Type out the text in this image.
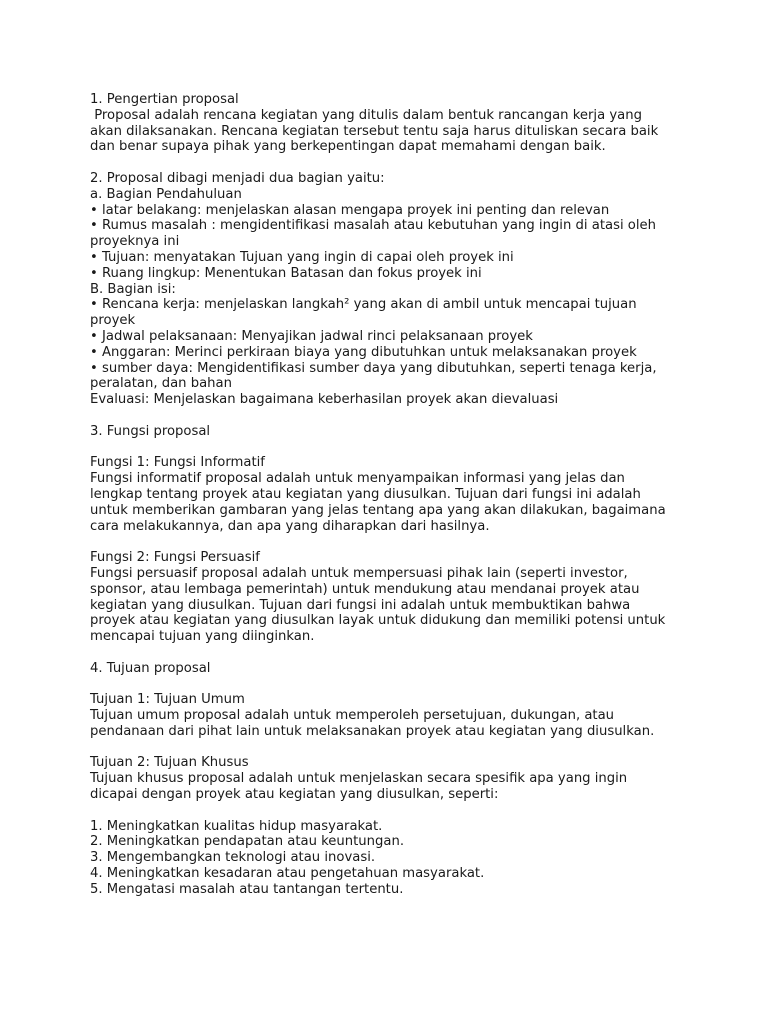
1. Pengertian proposal
Proposal adalah rencana kegiatan yang ditulis dalam bentuk rancangan kerja yang
akan dilaksanakan. Rencana kegiatan tersebut tentu saja harus dituliskan secara baik
dan benar supaya pihak yang berkepentingan dapat memahami dengan baik.
2. Proposal dibagi menjadi dua bagian yaitu:
a. Bagian Pendahuluan
• latar belakang: menjelaskan alasan mengapa proyek ini penting dan relevan
• Rumus masalah : mengidentifikasi masalah atau kebutuhan yang ingin di atasi oleh
proyeknya ini
• Tujuan: menyatakan Tujuan yang ingin di capai oleh proyek ini
• Ruang lingkup: Menentukan Batasan dan fokus proyek ini
B. Bagian isi:
• Rencana kerja: menjelaskan langkah² yang akan di ambil untuk mencapai tujuan
proyek
• Jadwal pelaksanaan: Menyajikan jadwal rinci pelaksanaan proyek
• Anggaran: Merinci perkiraan biaya yang dibutuhkan untuk melaksanakan proyek
• sumber daya: Mengidentifikasi sumber daya yang dibutuhkan, seperti tenaga kerja,
peralatan, dan bahan
Evaluasi: Menjelaskan bagaimana keberhasilan proyek akan dievaluasi
3. Fungsi proposal
Fungsi 1: Fungsi Informatif
Fungsi informatif proposal adalah untuk menyampaikan informasi yang jelas dan
lengkap tentang proyek atau kegiatan yang diusulkan. Tujuan dari fungsi ini adalah
untuk memberikan gambaran yang jelas tentang apa yang akan dilakukan, bagaimana
cara melakukannya, dan apa yang diharapkan dari hasilnya.
Fungsi 2: Fungsi Persuasif
Fungsi persuasif proposal adalah untuk mempersuasi pihak lain (seperti investor,
sponsor, atau lembaga pemerintah) untuk mendukung atau mendanai proyek atau
kegiatan yang diusulkan. Tujuan dari fungsi ini adalah untuk membuktikan bahwa
proyek atau kegiatan yang diusulkan layak untuk didukung dan memiliki potensi untuk
mencapai tujuan yang diinginkan.
4. Tujuan proposal
Tujuan 1: Tujuan Umum
Tujuan umum proposal adalah untuk memperoleh persetujuan, dukungan, atau
pendanaan dari pihat lain untuk melaksanakan proyek atau kegiatan yang diusulkan.
Tujuan 2: Tujuan Khusus
Tujuan khusus proposal adalah untuk menjelaskan secara spesifik apa yang ingin
dicapai dengan proyek atau kegiatan yang diusulkan, seperti:
1. Meningkatkan kualitas hidup masyarakat.
2. Meningkatkan pendapatan atau keuntungan.
3. Mengembangkan teknologi atau inovasi.
4. Meningkatkan kesadaran atau pengetahuan masyarakat.
5. Mengatasi masalah atau tantangan tertentu.
